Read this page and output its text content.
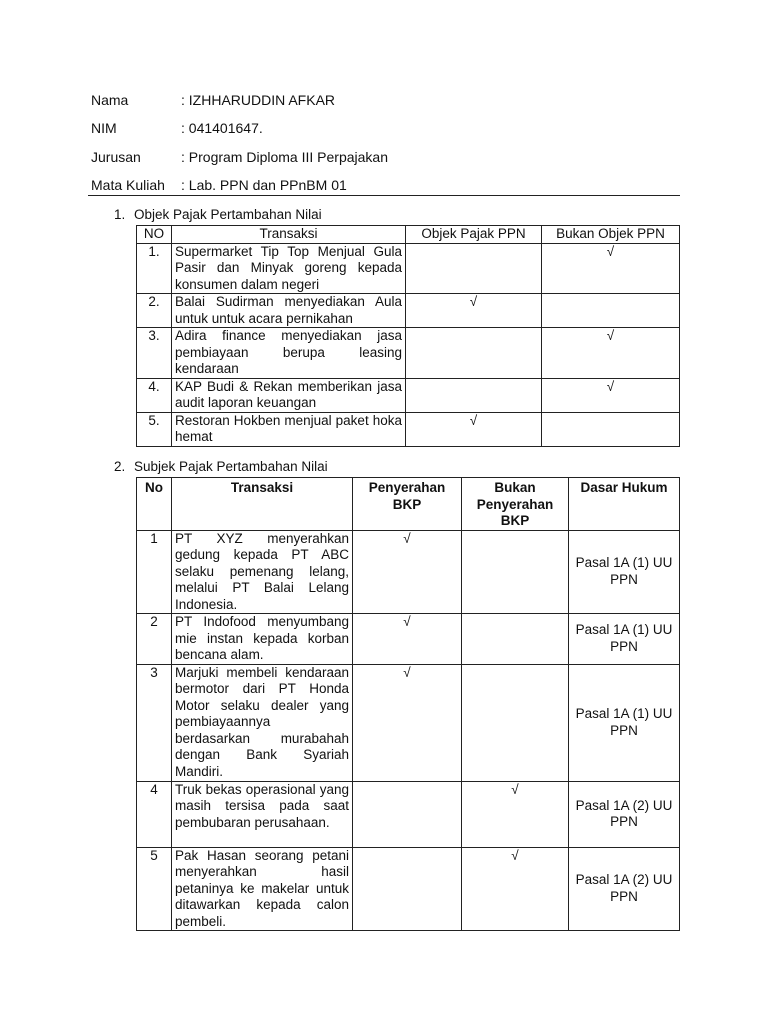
Nama	: IZHHARUDDIN AFKAR
NIM	: 041401647.
Jurusan	: Program Diploma III Perpajakan
Mata Kuliah : Lab. PPN dan PPnBM 01
1. Objek Pajak Pertambahan Nilai
NO	Transaksi	Objek Pajak PPN	Bukan Objek PPN
1.	Supermarket Tip Top Menjual Gula Pasir dan Minyak goreng kepada konsumen dalam negeri		√
2.	Balai Sudirman menyediakan Aula untuk untuk acara pernikahan	√	
3.	Adira finance menyediakan jasa pembiayaan berupa leasing kendaraan		√
4.	KAP Budi & Rekan memberikan jasa audit laporan keuangan		√
5.	Restoran Hokben menjual paket hoka hemat	√	
2. Subjek Pajak Pertambahan Nilai
No	Transaksi	Penyerahan BKP	Bukan Penyerahan BKP	Dasar Hukum
1	PT XYZ menyerahkan gedung kepada PT ABC selaku pemenang lelang, melalui PT Balai Lelang Indonesia.	√		Pasal 1A (1) UU PPN
2	PT Indofood menyumbang mie instan kepada korban bencana alam.	√		Pasal 1A (1) UU PPN
3	Marjuki membeli kendaraan bermotor dari PT Honda Motor selaku dealer yang pembiayaannya berdasarkan murabahah dengan Bank Syariah Mandiri.	√		Pasal 1A (1) UU PPN
4	Truk bekas operasional yang masih tersisa pada saat pembubaran perusahaan.		√	Pasal 1A (2) UU PPN
5	Pak Hasan seorang petani menyerahkan hasil petaninya ke makelar untuk ditawarkan kepada calon pembeli.		√	Pasal 1A (2) UU PPN
